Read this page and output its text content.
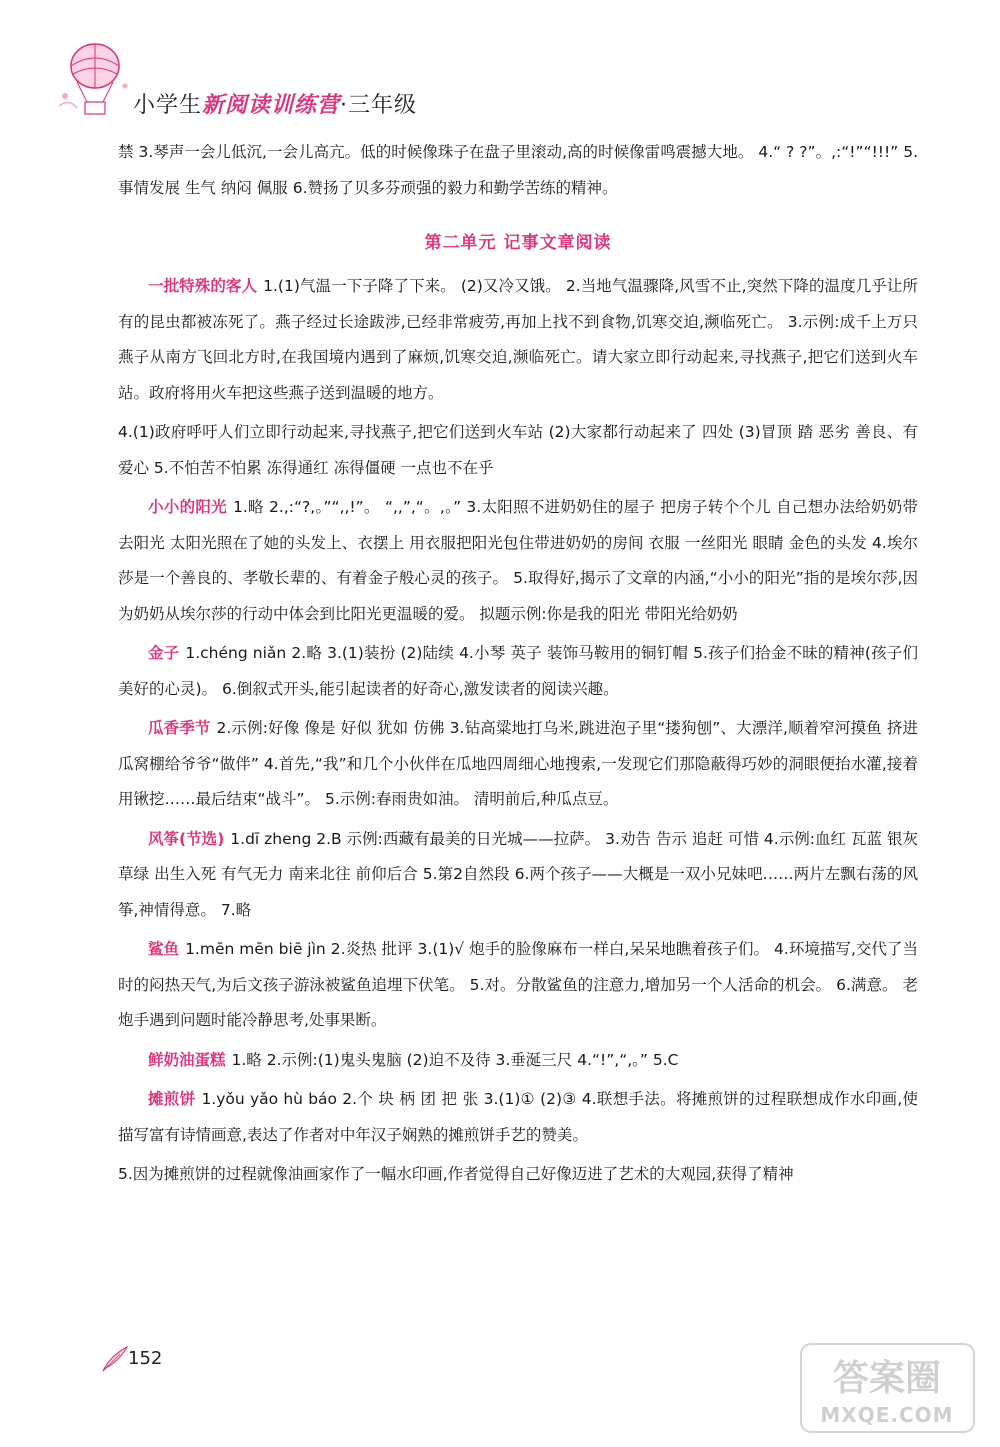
小学生新阅读训练营·三年级
禁 3.琴声一会儿低沉,一会儿高亢。低的时候像珠子在盘子里滚动,高的时候像雷鸣震撼大地。 4.“ ? ?”。,:“!”“!!!” 5.事情发展 生气 纳闷 佩服 6.赞扬了贝多芬顽强的毅力和勤学苦练的精神。
第二单元 记事文章阅读
一批特殊的客人 1.(1)气温一下子降了下来。 (2)又冷又饿。 2.当地气温骤降,风雪不止,突然下降的温度几乎让所有的昆虫都被冻死了。燕子经过长途跋涉,已经非常疲劳,再加上找不到食物,饥寒交迫,濒临死亡。 3.示例:成千上万只燕子从南方飞回北方时,在我国境内遇到了麻烦,饥寒交迫,濒临死亡。请大家立即行动起来,寻找燕子,把它们送到火车站。政府将用火车把这些燕子送到温暖的地方。
4.(1)政府呼吁人们立即行动起来,寻找燕子,把它们送到火车站 (2)大家都行动起来了 四处 (3)冒顶 踏 恶劣 善良、有爱心 5.不怕苦不怕累 冻得通红 冻得僵硬 一点也不在乎
小小的阳光 1.略 2.,:“?,。”“,,!”。 “,,”,“。,。” 3.太阳照不进奶奶住的屋子 把房子转个个儿 自己想办法给奶奶带去阳光 太阳光照在了她的头发上、衣摆上 用衣服把阳光包住带进奶奶的房间 衣服 一丝阳光 眼睛 金色的头发 4.埃尔莎是一个善良的、孝敬长辈的、有着金子般心灵的孩子。 5.取得好,揭示了文章的内涵,“小小的阳光”指的是埃尔莎,因为奶奶从埃尔莎的行动中体会到比阳光更温暖的爱。 拟题示例:你是我的阳光 带阳光给奶奶
金子 1.chéng niǎn 2.略 3.(1)装扮 (2)陆续 4.小琴 英子 装饰马鞍用的铜钉帽 5.孩子们拾金不昧的精神(孩子们美好的心灵)。 6.倒叙式开头,能引起读者的好奇心,激发读者的阅读兴趣。
瓜香季节 2.示例:好像 像是 好似 犹如 仿佛 3.钻高粱地打乌米,跳进泡子里“搂狗刨”、大漂洋,顺着窄河摸鱼 挤进瓜窝棚给爷爷“做伴” 4.首先,“我”和几个小伙伴在瓜地四周细心地搜索,一发现它们那隐蔽得巧妙的洞眼便抬水灌,接着用锹挖……最后结束“战斗”。 5.示例:春雨贵如油。 清明前后,种瓜点豆。
风筝(节选) 1.dī zheng 2.B 示例:西藏有最美的日光城——拉萨。 3.劝告 告示 追赶 可惜 4.示例:血红 瓦蓝 银灰 草绿 出生入死 有气无力 南来北往 前仰后合 5.第2自然段 6.两个孩子——大概是一双小兄妹吧……两片左飘右荡的风筝,神情得意。 7.略
鲨鱼 1.mēn mēn biē jìn 2.炎热 批评 3.(1)√ 炮手的脸像麻布一样白,呆呆地瞧着孩子们。 4.环境描写,交代了当时的闷热天气,为后文孩子游泳被鲨鱼追埋下伏笔。 5.对。分散鲨鱼的注意力,增加另一个人活命的机会。 6.满意。 老炮手遇到问题时能冷静思考,处事果断。
鲜奶油蛋糕 1.略 2.示例:(1)鬼头鬼脑 (2)迫不及待 3.垂涎三尺 4.“!”,“,。” 5.C
摊煎饼 1.yǒu yǎo hù báo 2.个 块 柄 团 把 张 3.(1)① (2)③ 4.联想手法。将摊煎饼的过程联想成作水印画,使描写富有诗情画意,表达了作者对中年汉子娴熟的摊煎饼手艺的赞美。
5.因为摊煎饼的过程就像油画家作了一幅水印画,作者觉得自己好像迈进了艺术的大观园,获得了精神
152	答案圈
MXQE.COM
